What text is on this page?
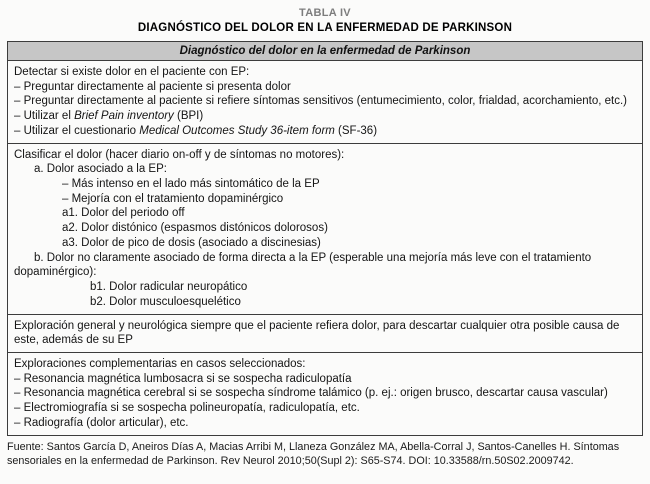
TABLA IV
DIAGNÓSTICO DEL DOLOR EN LA ENFERMEDAD DE PARKINSON
Diagnóstico del dolor en la enfermedad de Parkinson

Detectar si existe dolor en el paciente con EP:

– Preguntar directamente al paciente si presenta dolor

– Preguntar directamente al paciente si refiere síntomas sensitivos (entumecimiento, color, frialdad, acorchamiento, etc.)

– Utilizar el Brief Pain inventory (BPI)

– Utilizar el cuestionario Medical Outcomes Study 36-item form (SF-36)

Clasificar el dolor (hacer diario on-off y de síntomas no motores):

a. Dolor asociado a la EP:

– Más intenso en el lado más sintomático de la EP

– Mejoría con el tratamiento dopaminérgico

a1. Dolor del periodo off

a2. Dolor distónico (espasmos distónicos dolorosos)

a3. Dolor de pico de dosis (asociado a discinesias)

b. Dolor no claramente asociado de forma directa a la EP (esperable una mejoría más leve con el tratamiento dopaminérgico):

b1. Dolor radicular neuropático

b2. Dolor musculoesquelético

Exploración general y neurológica siempre que el paciente refiera dolor, para descartar cualquier otra posible causa de este, además de su EP

Exploraciones complementarias en casos seleccionados:

– Resonancia magnética lumbosacra si se sospecha radiculopatía

– Resonancia magnética cerebral si se sospecha síndrome talámico (p. ej.: origen brusco, descartar causa vascular)

– Electromiografía si se sospecha polineuropatía, radiculopatía, etc.

– Radiografía (dolor articular), etc.

Fuente: Santos García D, Aneiros Días A, Macias Arribi M, Llaneza González MA, Abella-Corral J, Santos-Canelles H. Síntomas sensoriales en la enfermedad de Parkinson. Rev Neurol 2010;50(Supl 2): S65-S74. DOI: 10.33588/rn.50S02.2009742.
